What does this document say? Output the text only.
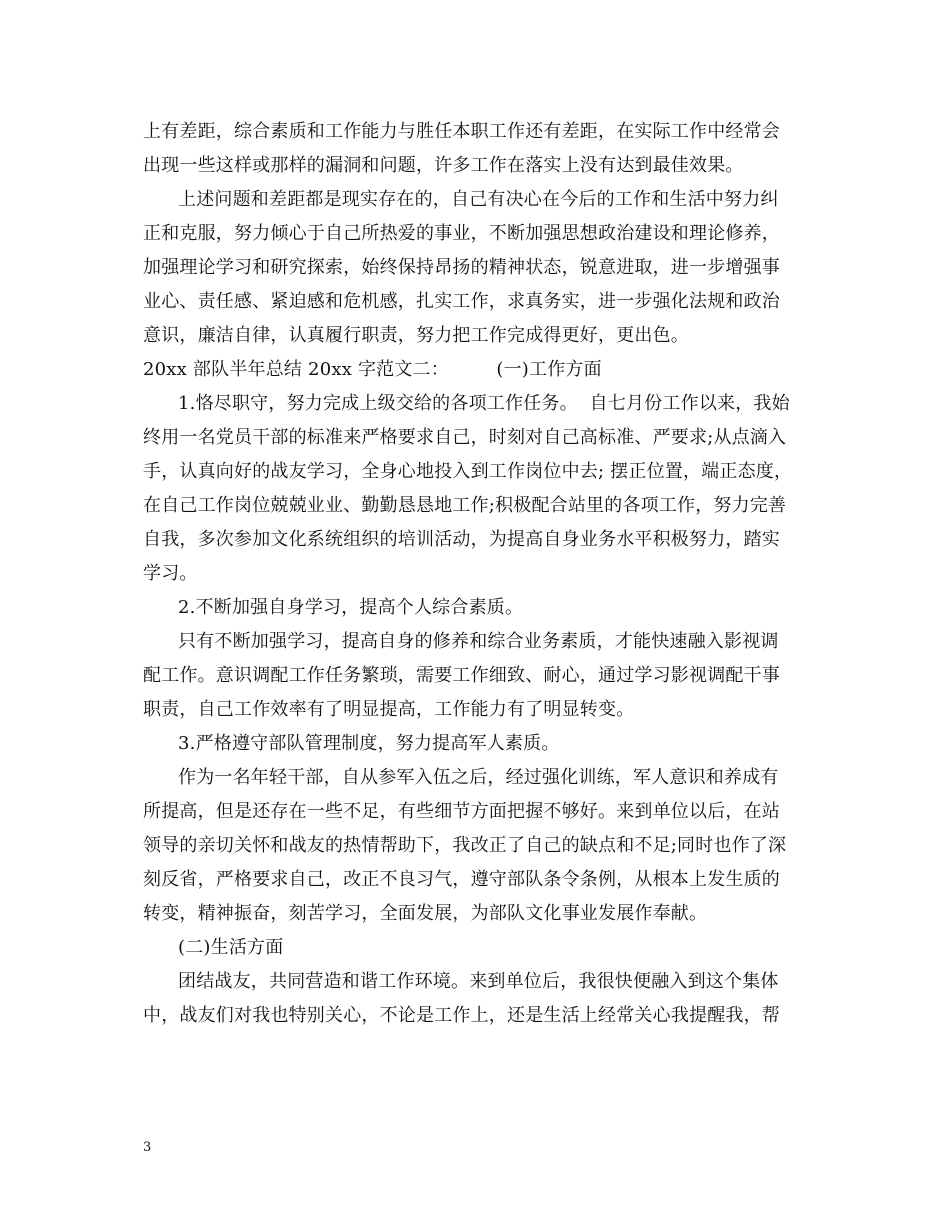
上有差距，综合素质和工作能力与胜任本职工作还有差距，在实际工作中经常会
出现一些这样或那样的漏洞和问题，许多工作在落实上没有达到最佳效果。
上述问题和差距都是现实存在的，自己有决心在今后的工作和生活中努力纠
正和克服，努力倾心于自己所热爱的事业，不断加强思想政治建设和理论修养，
加强理论学习和研究探索，始终保持昂扬的精神状态，锐意进取，进一步增强事
业心、责任感、紧迫感和危机感，扎实工作，求真务实，进一步强化法规和政治
意识，廉洁自律，认真履行职责，努力把工作完成得更好，更出色。
20xx 部队半年总结 20xx 字范文二：        (一)工作方面
1.恪尽职守，努力完成上级交给的各项工作任务。  自七月份工作以来，我始
终用一名党员干部的标准来严格要求自己，时刻对自己高标准、严要求;从点滴入
手，认真向好的战友学习，全身心地投入到工作岗位中去; 摆正位置，端正态度，
在自己工作岗位兢兢业业、勤勤恳恳地工作;积极配合站里的各项工作，努力完善
自我，多次参加文化系统组织的培训活动，为提高自身业务水平积极努力，踏实
学习。
2.不断加强自身学习，提高个人综合素质。
只有不断加强学习，提高自身的修养和综合业务素质，才能快速融入影视调
配工作。意识调配工作任务繁琐，需要工作细致、耐心，通过学习影视调配干事
职责，自己工作效率有了明显提高，工作能力有了明显转变。
3.严格遵守部队管理制度，努力提高军人素质。
作为一名年轻干部，自从参军入伍之后，经过强化训练，军人意识和养成有
所提高，但是还存在一些不足，有些细节方面把握不够好。来到单位以后，在站
领导的亲切关怀和战友的热情帮助下，我改正了自己的缺点和不足;同时也作了深
刻反省，严格要求自己，改正不良习气，遵守部队条令条例，从根本上发生质的
转变，精神振奋，刻苦学习，全面发展，为部队文化事业发展作奉献。
(二)生活方面
团结战友，共同营造和谐工作环境。来到单位后，我很快便融入到这个集体
中，战友们对我也特别关心，不论是工作上，还是生活上经常关心我提醒我，帮
3
